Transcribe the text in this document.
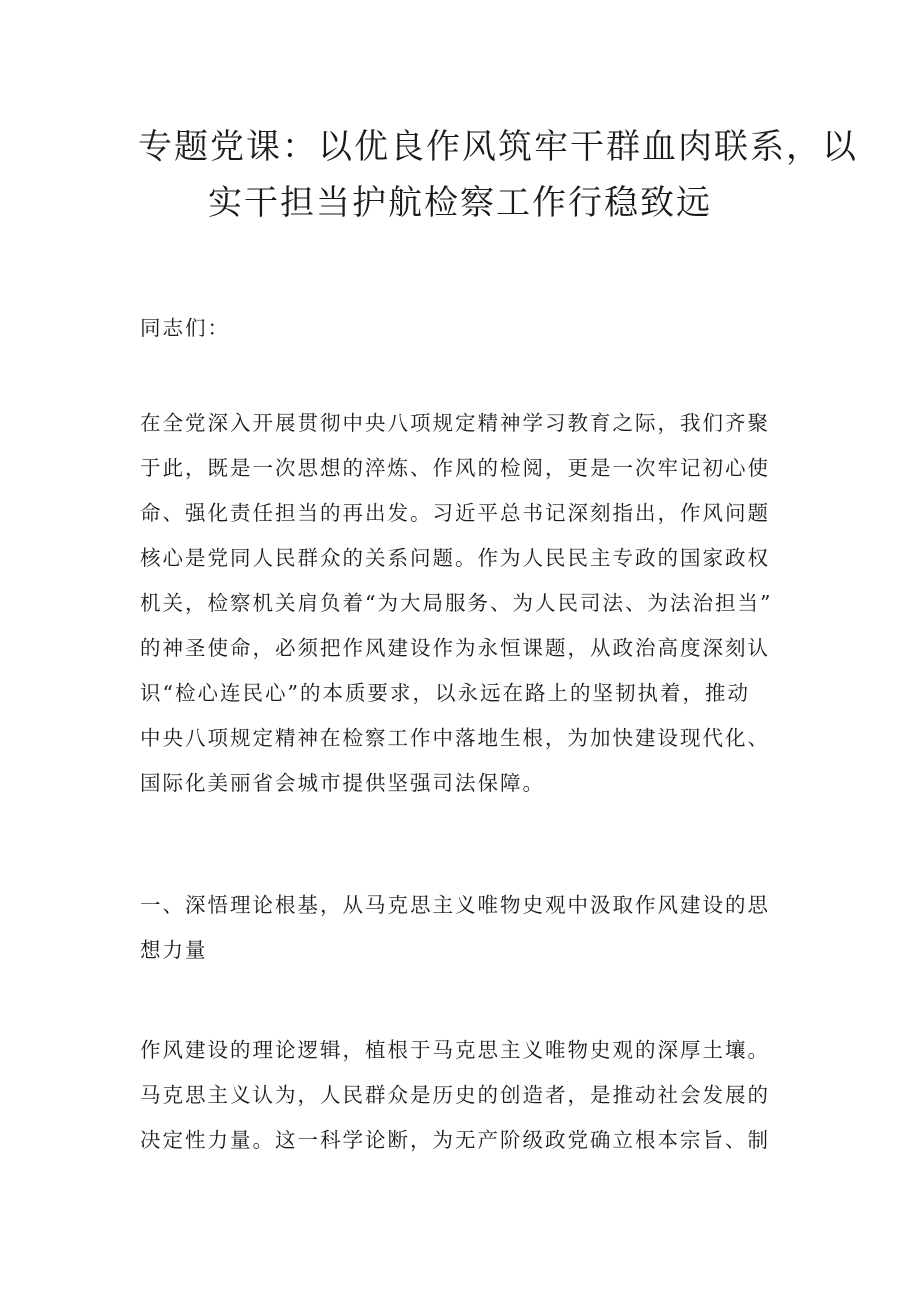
专题党课：以优良作风筑牢干群血肉联系，以
实干担当护航检察工作行稳致远
同志们：
在全党深入开展贯彻中央八项规定精神学习教育之际，我们齐聚
于此，既是一次思想的淬炼、作风的检阅，更是一次牢记初心使
命、强化责任担当的再出发。习近平总书记深刻指出，作风问题
核心是党同人民群众的关系问题。作为人民民主专政的国家政权
机关，检察机关肩负着“为大局服务、为人民司法、为法治担当”
的神圣使命，必须把作风建设作为永恒课题，从政治高度深刻认
识“检心连民心”的本质要求，以永远在路上的坚韧执着，推动
中央八项规定精神在检察工作中落地生根，为加快建设现代化、
国际化美丽省会城市提供坚强司法保障。
一、深悟理论根基，从马克思主义唯物史观中汲取作风建设的思
想力量
作风建设的理论逻辑，植根于马克思主义唯物史观的深厚土壤。
马克思主义认为，人民群众是历史的创造者，是推动社会发展的
决定性力量。这一科学论断，为无产阶级政党确立根本宗旨、制
